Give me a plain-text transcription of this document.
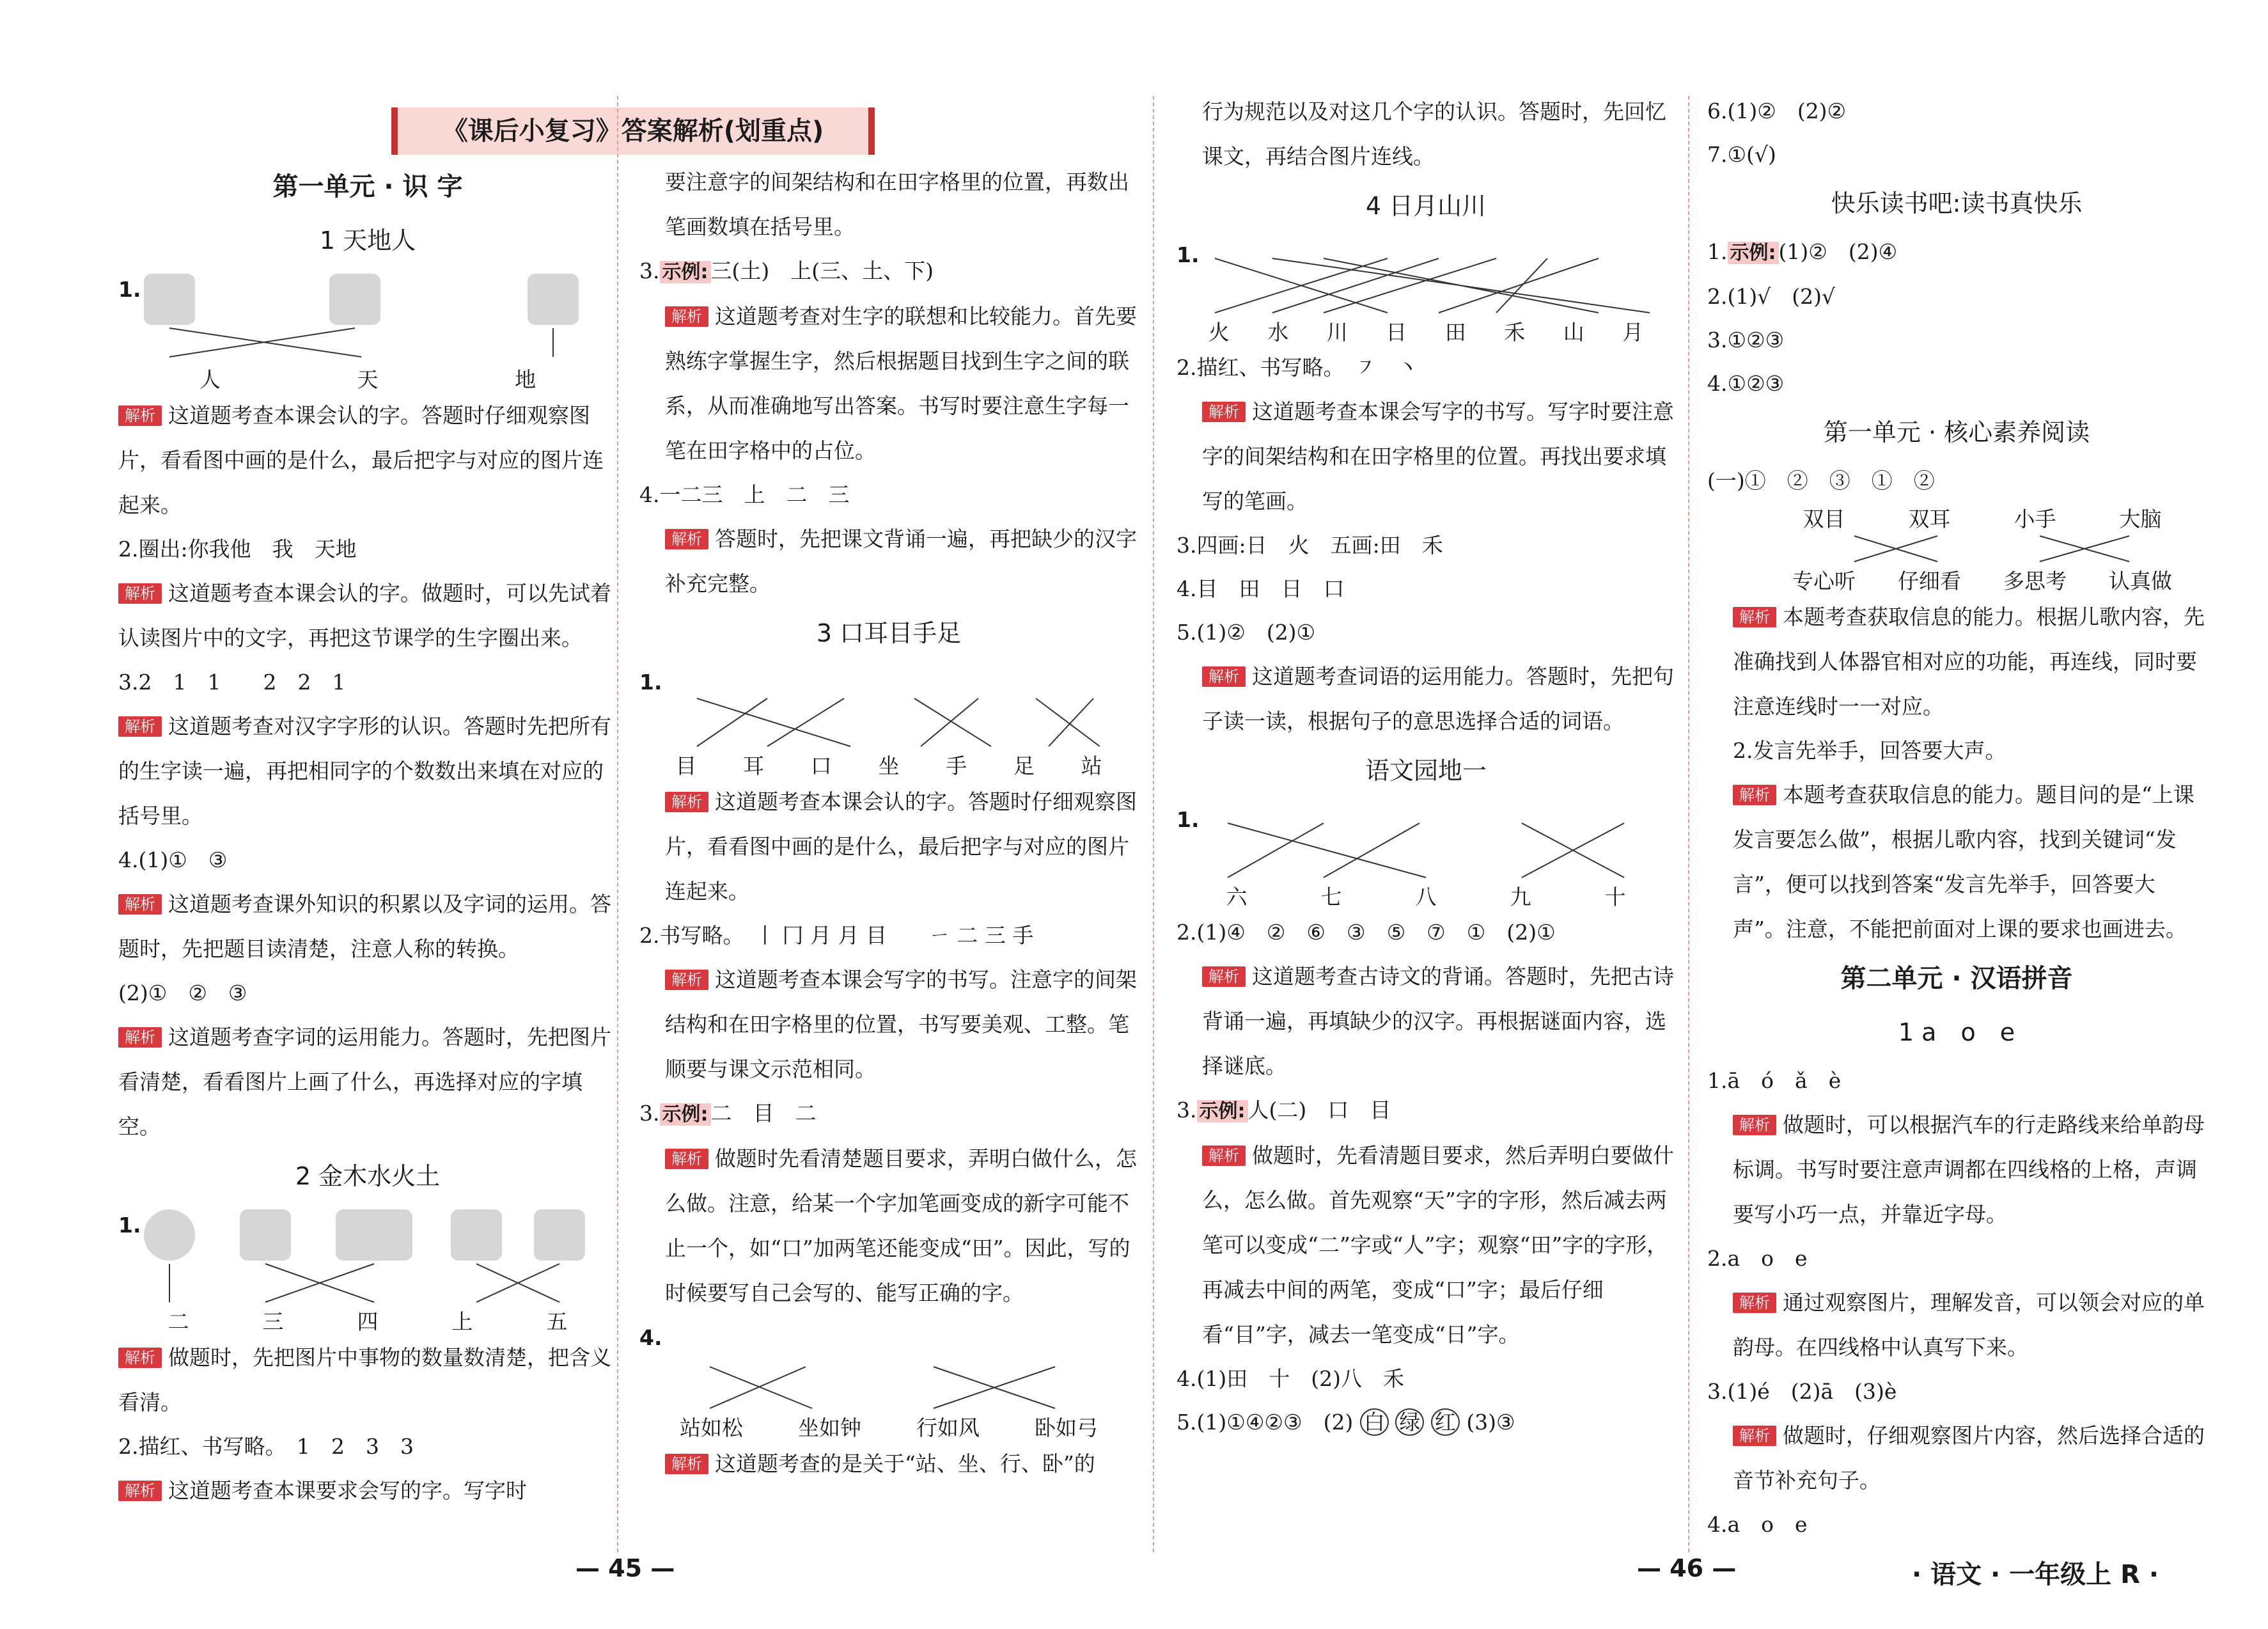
《课后小复习》答案解析(划重点)

第一单元 · 识 字

1 天地人

1.
人	天	地

解析 这道题考查本课会认的字。答题时仔细观察图片，看看图中画的是什么，最后把字与对应的图片连起来。

2.圈出:你我他　我　天地

解析 这道题考查本课会认的字。做题时，可以先试着认读图片中的文字，再把这节课学的生字圈出来。

3.2　1　1　　2　2　1

解析 这道题考查对汉字字形的认识。答题时先把所有的生字读一遍，再把相同字的个数数出来填在对应的括号里。

4.(1)①　③

解析 这道题考查课外知识的积累以及字词的运用。答题时，先把题目读清楚，注意人称的转换。

(2)①　②　③

解析 这道题考查字词的运用能力。答题时，先把图片看清楚，看看图片上画了什么，再选择对应的字填空。

2 金木水火土

1.
二	三	四	上	五

解析 做题时，先把图片中事物的数量数清楚，把含义看清。

2.描红、书写略。　1　2　3　3

解析 这道题考查本课要求会写的字。写字时

要注意字的间架结构和在田字格里的位置，再数出笔画数填在括号里。

3. 示例: 三(土)　上(三、土、下)

解析 这道题考查对生字的联想和比较能力。首先要熟练字掌握生字，然后根据题目找到生字之间的联系，从而准确地写出答案。书写时要注意生字每一笔在田字格中的占位。

4.一二三　上　二　三

解析 答题时，先把课文背诵一遍，再把缺少的汉字补充完整。

3 口耳目手足

1.
目 耳 口 坐 手 足 站

解析 这道题考查本课会认的字。答题时仔细观察图片，看看图中画的是什么，最后把字与对应的图片连起来。

2.书写略。　丨 冂 月 月 目　　ㄧ 二 三 手

解析 这道题考查本课会写字的书写。注意字的间架结构和在田字格里的位置，书写要美观、工整。笔顺要与课文示范相同。

3. 示例: 二　目　二

解析 做题时先看清楚题目要求，弄明白做什么，怎么做。注意，给某一个字加笔画变成的新字可能不止一个，如“口”加两笔还能变成“田”。因此，写的时候要写自己会写的、能写正确的字。

4.
站如松	坐如钟	行如风	卧如弓

解析 这道题考查的是关于“站、坐、行、卧”的

行为规范以及对这几个字的认识。答题时，先回忆课文，再结合图片连线。

4 日月山川

1.
火 水 川 日 田 禾 山 月

2.描红、书写略。　㇇　丶

解析 这道题考查本课会写字的书写。写字时要注意字的间架结构和在田字格里的位置。再找出要求填写的笔画。

3.四画:日　火　五画:田　禾

4.目　田　日　口

5.(1)②　(2)①

解析 这道题考查词语的运用能力。答题时，先把句子读一读，根据句子的意思选择合适的词语。

语文园地一

1.
六	七	八	九	十

2.(1)④　②　⑥　③　⑤　⑦　①　(2)①

解析 这道题考查古诗文的背诵。答题时，先把古诗背诵一遍，再填缺少的汉字。再根据谜面内容，选择谜底。

3. 示例: 人(二)　口　目

解析 做题时，先看清题目要求，然后弄明白要做什么，怎么做。首先观察“天”字的字形，然后减去两笔可以变成“二”字或“人”字；观察“田”字的字形，再减去中间的两笔，变成“口”字；最后仔细看“目”字，减去一笔变成“日”字。

4.(1)田　十　(2)八　禾

5.(1)①④②③　(2) 白 绿 红 (3)③

6.(1)②　(2)②

7.①(√)

快乐读书吧:读书真快乐

1. 示例: (1)②　(2)④

2.(1)√　(2)√

3.①②③

4.①②③

第一单元 · 核心素养阅读

(一)①　②　③　①　②

双目	双耳	小手	大脑
专心听 仔细看 多思考 认真做

解析 本题考查获取信息的能力。根据儿歌内容，先准确找到人体器官相对应的功能，再连线，同时要注意连线时一一对应。

2.发言先举手，回答要大声。

解析 本题考查获取信息的能力。题目问的是“上课发言要怎么做”，根据儿歌内容，找到关键词“发言”，便可以找到答案“发言先举手，回答要大声”。注意，不能把前面对上课的要求也画进去。

第二单元 · 汉语拼音

1 a　o　e

1.ā　ó　ǎ　è

解析 做题时，可以根据汽车的行走路线来给单韵母标调。书写时要注意声调都在四线格的上格，声调要写小巧一点，并靠近字母。

2.a　o　e

解析 通过观察图片，理解发音，可以领会对应的单韵母。在四线格中认真写下来。

3.(1)é　(2)ā　(3)è

解析 做题时，仔细观察图片内容，然后选择合适的音节补充句子。

4.a　o　e

— 45 —	— 46 —	· 语文 · 一年级上 R ·
